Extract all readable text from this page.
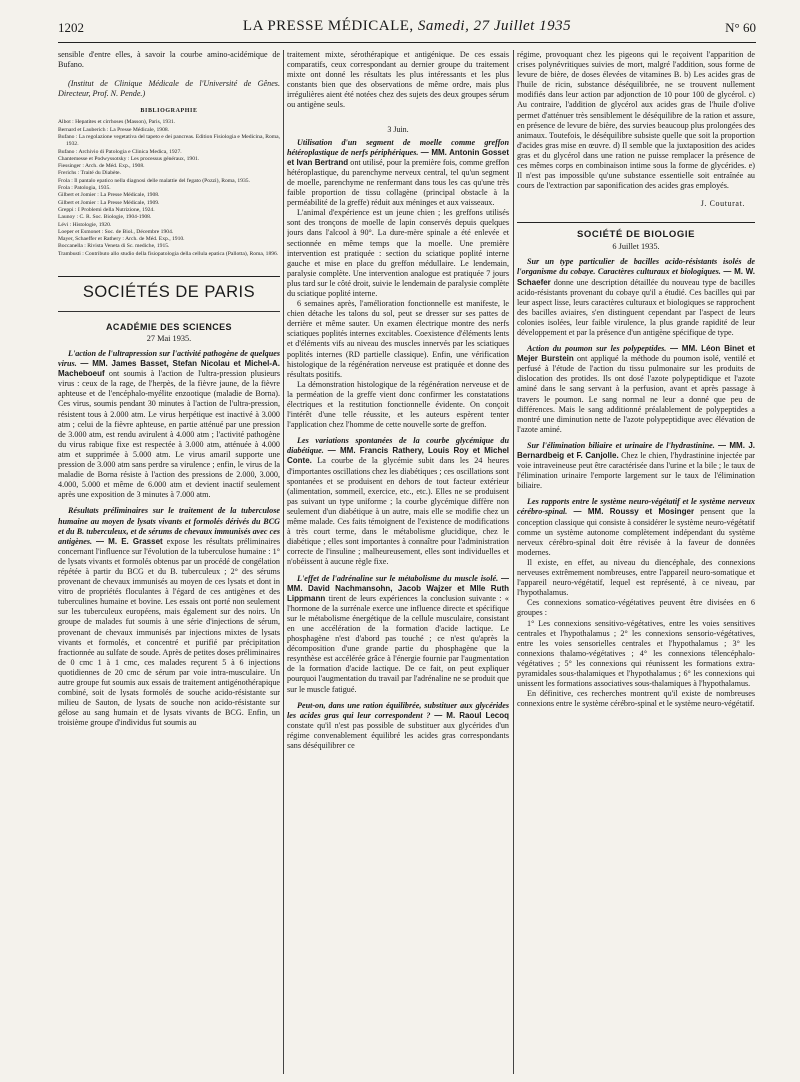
1202	LA PRESSE MÉDICALE, Samedi, 27 Juillet 1935	N° 60

sensible d'entre elles, à savoir la courbe amino-acidémique de Bufano.

(Institut de Clinique Médicale de l'Université de Gênes. Directeur, Prof. N. Pende.)

BIBLIOGRAPHIE

Albot : Hepatites et cirrhoses (Masson), Paris, 1931.

Bernard et Lauberich : La Presse Médicale, 1908.

Bufano : La regolazione vegetativa del tapeto e dei pancreas. Edition Fisiologia e Medicina, Roma, 1932.

Bufano : Archivio di Patologia e Clinica Medica, 1927.

Chantemesse et Podwyssotsky : Les processus généraux, 1901.

Fiessinger : Arch. de Méd. Exp., 1908.

Frerichs : Traité du Diabète.

Frola : Il pantalo epatico nella diagnosi delle malattie del fegato (Pozzi), Roma, 1935.

Frola : Patologia, 1935.

Gilbert et Jomier : La Presse Médicale, 1908.

Gilbert et Jomier : La Presse Médicale, 1909.

Greppi : I Problemi della Nutrizione, 1924.

Launoy : C. R. Soc. Biologie, 1904-1908.

Lévi : Histologie, 1920.

Loeper et Esmonet : Soc. de Biol., Décembre 1904.

Mayer, Schaeffer et Rathery : Arch. de Méd. Exp., 1910.

Boccanella : Rivista Veneta di Sc. mediche, 1915.

Trambusti : Contributo allo studio della fisiopatologia della cellula epatica (Pallotta), Roma, 1896.

SOCIÉTÉS DE PARIS
ACADÉMIE DES SCIENCES
27 Mai 1935.

L'action de l'ultrapression sur l'activité pathogène de quelques virus. — MM. James Basset, Stefan Nicolau et Michel-A. Macheboeuf ont soumis à l'action de l'ultra-pression plusieurs virus : ceux de la rage, de l'herpès, de la fièvre jaune, de la fièvre aphteuse et de l'encéphalo-myélite enzootique (maladie de Borna). Ces virus, soumis pendant 30 minutes à l'action de l'ultra-pression, résistent tous à 2.000 atm. Le virus herpétique est inactivé à 3.000 atm ; celui de la fièvre aphteuse, en partie atténué par une pression de 3.000 atm, est rendu avirulent à 4.000 atm ; l'activité pathogène du virus rabique fixe est respectée à 3.000 atm, atténuée à 4.000 atm et supprimée à 5.000 atm. Le virus amaril supporte une pression de 3.000 atm sans perdre sa virulence ; enfin, le virus de la maladie de Borna résiste à l'action des pressions de 2.000, 3.000, 4.000, 5.000 et même de 6.000 atm et devient inactif seulement après une exposition de 3 minutes à 7.000 atm.

Résultats préliminaires sur le traitement de la tuberculose humaine au moyen de lysats vivants et formolés dérivés du BCG et du B. tuberculeux, et de sérums de chevaux immunisés avec ces antigènes. — M. E. Grasset expose les résultats préliminaires concernant l'influence sur l'évolution de la tuberculose humaine : 1° de lysats vivants et formolés obtenus par un procédé de congélation répétée à partir du BCG et du B. tuberculeux ; 2° des sérums provenant de chevaux immunisés au moyen de ces lysats et dont in vitro de propriétés floculantes à l'égard de ces antigènes et des tuberculines humaine et bovine. Les essais ont porté non seulement sur les tuberculeux européens, mais également sur des noirs. Un groupe de malades fut soumis à une série d'injections de sérum, provenant de chevaux immunisés par injections mixtes de lysats vivants et formolés, et concentré et purifié par précipitation fractionnée au sulfate de soude. Après de petites doses préliminaires de 0 cmc 1 à 1 cmc, ces malades reçurent 5 à 6 injections quotidiennes de 20 cmc de sérum par voie intra-musculaire. Un autre groupe fut soumis aux essais de traitement antigénothérapique combiné, soit de lysats formolés de souche acido-résistante sur milieu de Sauton, de lysats de souche non acido-résistante sur gélose au sang humain et de lysats vivants de BCG. Enfin, un troisième groupe d'individus fut soumis au

traitement mixte, sérothérapique et antigénique. De ces essais comparatifs, ceux correspondant au dernier groupe du traitement mixte ont donné les résultats les plus intéressants et les plus constants bien que des observations de même ordre, mais plus irrégulières aient été notées chez des sujets des deux groupes sérum ou antigène seuls.

3 Juin.

Utilisation d'un segment de moelle comme greffon hétéroplastique de nerfs périphériques. — MM. Antonin Gosset et Ivan Bertrand ont utilisé, pour la première fois, comme greffon hétéroplastique, du parenchyme nerveux central, tel qu'un segment de moelle, parenchyme ne renfermant dans tous les cas qu'une très faible proportion de tissu collagène (principal obstacle à la perméabilité de la greffe) réduit aux méninges et aux vaisseaux.

L'animal d'expérience est un jeune chien ; les greffons utilisés sont des tronçons de moelle de lapin conservés depuis quelques jours dans l'alcool à 90°. La dure-mère spinale a été enlevée et sectionnée en même temps que la moelle. Une première intervention est pratiquée : section du sciatique poplité interne gauche et mise en place du greffon médullaire. Le lendemain, paralysie complète. Une intervention analogue est pratiquée 7 jours plus tard sur le côté droit, suivie le lendemain de paralysie complète du sciatique poplité interne.

6 semaines après, l'amélioration fonctionnelle est manifeste, le chien détache les talons du sol, peut se dresser sur ses pattes de derrière et même sauter. Un examen électrique montre des nerfs sciatiques poplités internes excitables. Coexistence d'éléments lents et d'éléments vifs au niveau des muscles innervés par les sciatiques poplités internes (RD partielle classique). Enfin, une vérification histologique de la régénération nerveuse est pratiquée et donne des résultats positifs.

La démonstration histologique de la régénération nerveuse et de la perméation de la greffe vient donc confirmer les constatations électriques et la restitution fonctionnelle évidente. On conçoit l'intérêt d'une telle réussite, et les auteurs espèrent tenter l'application chez l'homme de cette nouvelle sorte de greffon.

Les variations spontanées de la courbe glycémique du diabétique. — MM. Francis Rathery, Louis Roy et Michel Conte. La courbe de la glycémie subit dans les 24 heures d'importantes oscillations chez les diabétiques ; ces oscillations sont spontanées et se produisent en dehors de tout facteur extérieur (alimentation, sommeil, exercice, etc., etc.). Elles ne se produisent pas suivant un type uniforme ; la courbe glycémique diffère non seulement d'un diabétique à un autre, mais elle se modifie chez un même malade. Ces faits témoignent de l'existence de modifications à très court terme, dans le métabolisme glucidique, chez le diabétique ; elles sont importantes à connaître pour l'administration correcte de l'insuline ; malheureusement, elles sont individuelles et n'obéissent à aucune règle fixe.

L'effet de l'adrénaline sur le métabolisme du muscle isolé. — MM. David Nachmansohn, Jacob Wajzer et Mlle Ruth Lippmann tirent de leurs expériences la conclusion suivante : « l'hormone de la surrénale exerce une influence directe et spécifique sur le métabolisme énergétique de la cellule musculaire, consistant en une accélération de la formation d'acide lactique. Le phosphagène n'est d'abord pas touché ; ce n'est qu'après la décomposition d'une grande partie du phosphagène que la resynthèse est accélérée grâce à l'énergie fournie par l'augmentation de la formation d'acide lactique. De ce fait, on peut expliquer pourquoi l'augmentation du travail par l'adrénaline ne se produit que sur le muscle fatigué.

Peut-on, dans une ration équilibrée, substituer aux glycérides les acides gras qui leur correspondent ? — M. Raoul Lecoq constate qu'il n'est pas possible de substituer aux glycérides d'un régime convenablement équilibré les acides gras correspondants sans déséquilibrer ce

régime, provoquant chez les pigeons qui le reçoivent l'apparition de crises polynévritiques suivies de mort, malgré l'addition, sous forme de levure de bière, de doses élevées de vitamines B. b) Les acides gras de l'huile de ricin, substance déséquilibrée, ne se trouvent nullement modifiés dans leur action par adjonction de 10 pour 100 de glycérol. c) Au contraire, l'addition de glycérol aux acides gras de l'huile d'olive permet d'atténuer très sensiblement le déséquilibre de la ration et assure, en présence de levure de bière, des survies beaucoup plus prolongées des animaux. Toutefois, le déséquilibre subsiste quelle que soit la proportion d'acides gras mise en œuvre. d) Il semble que la juxtaposition des acides gras et du glycérol dans une ration ne puisse remplacer la présence de ces mêmes corps en combinaison intime sous la forme de glycérides. e) Il n'est pas impossible qu'une substance essentielle soit entraînée au cours de l'extraction par saponification des acides gras employés.

J. Couturat.
SOCIÉTÉ DE BIOLOGIE
6 Juillet 1935.

Sur un type particulier de bacilles acido-résistants isolés de l'organisme du cobaye. Caractères culturaux et biologiques. — M. W. Schaefer donne une description détaillée du nouveau type de bacilles acido-résistants provenant du cobaye qu'il a étudié. Ces bacilles qui par leur aspect lisse, leurs caractères culturaux et biologiques se rapprochent des bacilles aviaires, s'en distinguent cependant par l'aspect de leurs colonies isolées, leur faible virulence, la plus grande rapidité de leur développement et par la présence d'un antigène spécifique de type.

Action du poumon sur les polypeptides. — MM. Léon Binet et Mejer Burstein ont appliqué la méthode du poumon isolé, ventilé et perfusé à l'étude de l'action du tissu pulmonaire sur les produits de dislocation des protides. Ils ont dosé l'azote polypeptidique et l'azote aminé dans le sang servant à la perfusion, avant et après passage à travers le poumon. Le sang normal ne leur a donné que peu de différences. Mais le sang additionné préalablement de polypeptides a montré une diminution nette de l'azote polypeptidique avec élévation de l'azote aminé.

Sur l'élimination biliaire et urinaire de l'hydrastinine. — MM. J. Bernardbeig et F. Canjolle. Chez le chien, l'hydrastinine injectée par voie intraveineuse peut être caractérisée dans l'urine et la bile ; le taux de l'élimination urinaire l'emporte largement sur le taux de l'élimination biliaire.

Les rapports entre le système neuro-végétatif et le système nerveux cérébro-spinal. — MM. Roussy et Mosinger pensent que la conception classique qui consiste à considérer le système neuro-végétatif comme un système autonome complètement indépendant du système nerveux cérébro-spinal doit être révisée à la faveur de données modernes.

Il existe, en effet, au niveau du diencéphale, des connexions nerveuses extrêmement nombreuses, entre l'appareil neuro-somatique et l'appareil neuro-végétatif, lequel est représenté, à ce niveau, par l'hypothalamus.

Ces connexions somatico-végétatives peuvent être divisées en 6 groupes :

1° Les connexions sensitivo-végétatives, entre les voies sensitives centrales et l'hypothalamus ; 2° les connexions sensorio-végétatives, entre les voies sensorielles centrales et l'hypothalamus ; 3° les connexions thalamo-végétatives ; 4° les connexions télencéphalo-végétatives ; 5° les connexions qui réunissent les formations extra-pyramidales sous-thalamiques et l'hypothalamus ; 6° les connexions qui unissent les formations associatives sous-thalamiques à l'hypothalamus.

En définitive, ces recherches montrent qu'il existe de nombreuses connexions entre le système cérébro-spinal et le système neuro-végétatif.
